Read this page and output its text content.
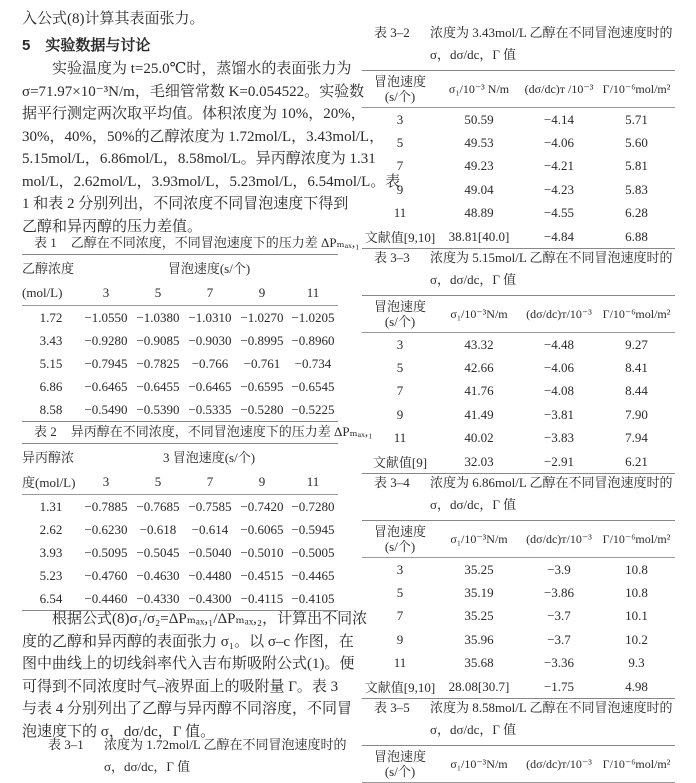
入公式(8)计算其表面张力。
5　实验数据与讨论
实验温度为 t=25.0℃时，蒸馏水的表面张力为
σ=71.97×10⁻³N/m，毛细管常数 K=0.054522。实验数
据平行测定两次取平均值。体积浓度为 10%，20%，
30%，40%，50%的乙醇浓度为 1.72mol/L，3.43mol/L，
5.15mol/L，6.86mol/L，8.58mol/L。异丙醇浓度为 1.31
mol/L，2.62mol/L，3.93mol/L，5.23mol/L，6.54mol/L。表
1 和表 2 分别列出，不同浓度不同冒泡速度下得到
乙醇和异丙醇的压力差值。
表 1 乙醇在不同浓度，不同冒泡速度下的压力差 ΔPₘₐₓ,₁
乙醇浓度	冒泡速度(s/个)				
(mol/L)	3	5	7	9	11
1.72	−1.0550	−1.0380	−1.0310	−1.0270	−1.0205
3.43	−0.9280	−0.9085	−0.9030	−0.8995	−0.8960
5.15	−0.7945	−0.7825	−0.766	−0.761	−0.734
6.86	−0.6465	−0.6455	−0.6465	−0.6595	−0.6545
8.58	−0.5490	−0.5390	−0.5335	−0.5280	−0.5225
表 2 异丙醇在不同浓度，不同冒泡速度下的压力差 ΔPₘₐₓ,₁
异丙醇浓	3 冒泡速度(s/个)				
度(mol/L)	3	5	7	9	11
1.31	−0.7885	−0.7685	−0.7585	−0.7420	−0.7280
2.62	−0.6230	−0.618	−0.614	−0.6065	−0.5945
3.93	−0.5095	−0.5045	−0.5040	−0.5010	−0.5005
5.23	−0.4760	−0.4630	−0.4480	−0.4515	−0.4465
6.54	−0.4460	−0.4330	−0.4300	−0.4115	−0.4105
根据公式(8)σ₁/σ₂=ΔPₘₐₓ,₁/ΔPₘₐₓ,₂，计算出不同浓
度的乙醇和异丙醇的表面张力 σ₁。以 σ–c 作图，在
图中曲线上的切线斜率代入吉布斯吸附公式(1)。便
可得到不同浓度时气–液界面上的吸附量 Γ。表 3
与表 4 分别列出了乙醇与异丙醇不同溶度，不同冒
泡速度下的 σ，dσ/dc，Γ 值。
表 3–1 浓度为 1.72mol/L 乙醇在不同冒泡速度时的
σ，dσ/dc，Γ 值
表 3–2 浓度为 3.43mol/L 乙醇在不同冒泡速度时的
σ，dσ/dc，Γ 值
冒泡速度
(s/个)	σ₁/10⁻³ N/m	(dσ/dc)ᴛ /10⁻³	Γ/10⁻⁶mol/m²
3	50.59	−4.14	5.71
5	49.53	−4.06	5.60
7	49.23	−4.21	5.81
9	49.04	−4.23	5.83
11	48.89	−4.55	6.28
文献值[9,10]	38.81[40.0]	−4.84	6.88
表 3–3 浓度为 5.15mol/L 乙醇在不同冒泡速度时的
σ，dσ/dc，Γ 值
冒泡速度
(s/个)	σ₁/10⁻³N/m	(dσ/dc)ᴛ/10⁻³	Γ/10⁻⁶mol/m²
3	43.32	−4.48	9.27
5	42.66	−4.06	8.41
7	41.76	−4.08	8.44
9	41.49	−3.81	7.90
11	40.02	−3.83	7.94
文献值[9]	32.03	−2.91	6.21
表 3–4 浓度为 6.86mol/L 乙醇在不同冒泡速度时的
σ，dσ/dc，Γ 值
冒泡速度
(s/个)	σ₁/10⁻³N/m	(dσ/dc)ᴛ/10⁻³	Γ/10⁻⁶mol/m²
3	35.25	−3.9	10.8
5	35.19	−3.86	10.8
7	35.25	−3.7	10.1
9	35.96	−3.7	10.2
11	35.68	−3.36	9.3
文献值[9,10]	28.08[30.7]	−1.75	4.98
表 3–5 浓度为 8.58mol/L 乙醇在不同冒泡速度时的
σ，dσ/dc，Γ 值
冒泡速度
(s/个)	σ₁/10⁻³N/m	(dσ/dc)ᴛ/10⁻³	Γ/10⁻⁶mol/m²
